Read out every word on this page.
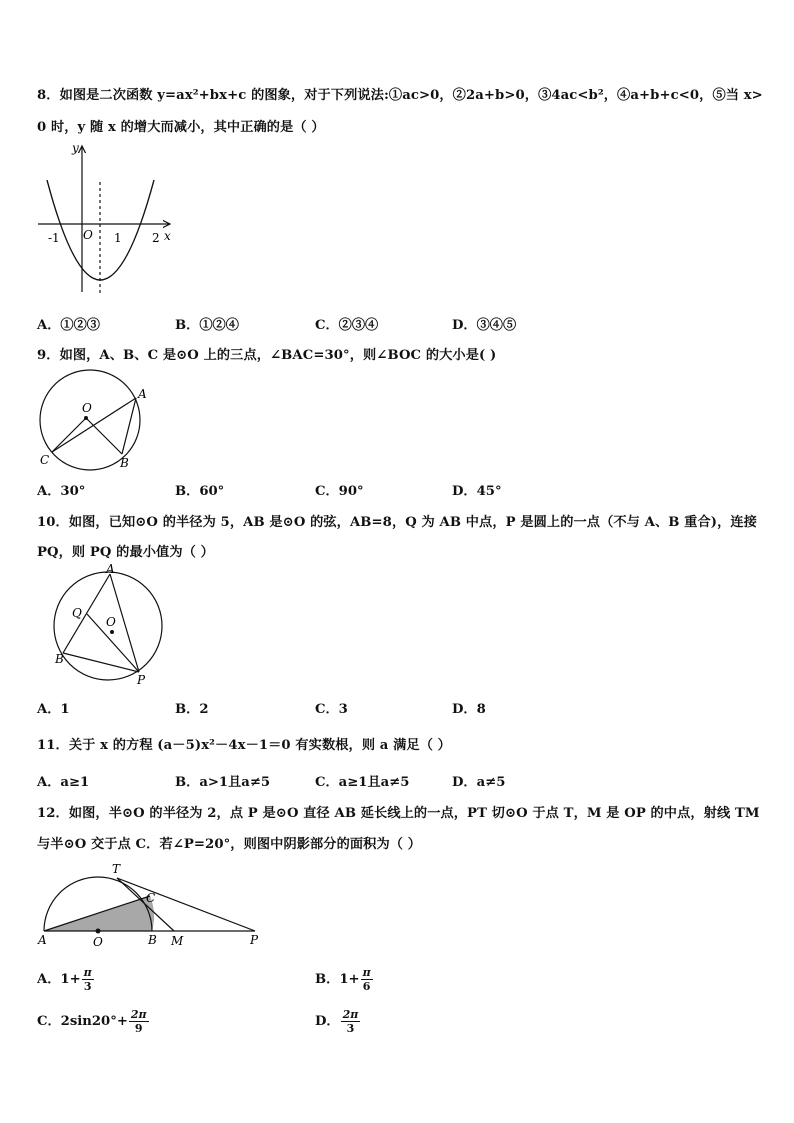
8．如图是二次函数 y=ax²+bx+c 的图象，对于下列说法:①ac>0，②2a+b>0，③4ac<b²，④a+b+c<0，⑤当 x>
0 时，y 随 x 的增大而减小，其中正确的是（ ）
y
x
O
-1	1	2
A．①②③	B．①②④	C．②③④	D．③④⑤
9．如图，A、B、C 是⊙O 上的三点，∠BAC=30°，则∠BOC 的大小是( )
O
A
C	B
A．30°	B．60°	C．90°	D．45°
10．如图，已知⊙O 的半径为 5，AB 是⊙O 的弦，AB=8，Q 为 AB 中点，P 是圆上的一点（不与 A、B 重合)，连接
PQ，则 PQ 的最小值为（ ）
A
Q
O
B
P
A．1	B．2	C．3	D．8
11．关于 x 的方程 (a－5)x²－4x－1＝0 有实数根，则 a 满足（ ）
A．a≥1	B．a>1且a≠5	C．a≥1且a≠5	D．a≠5
12．如图，半⊙O 的半径为 2，点 P 是⊙O 直径 AB 延长线上的一点，PT 切⊙O 于点 T，M 是 OP 的中点，射线 TM
与半⊙O 交于点 C．若∠P=20°，则图中阴影部分的面积为（ ）
T
C
A	O	B M	P
A．$1+ \frac{\pi}{3}$	B．$1+ \frac{\pi}{6}$
C．$2\sin 20^\circ+ \frac{2\pi}{9}$	D． $\frac{2\pi}{3}$
